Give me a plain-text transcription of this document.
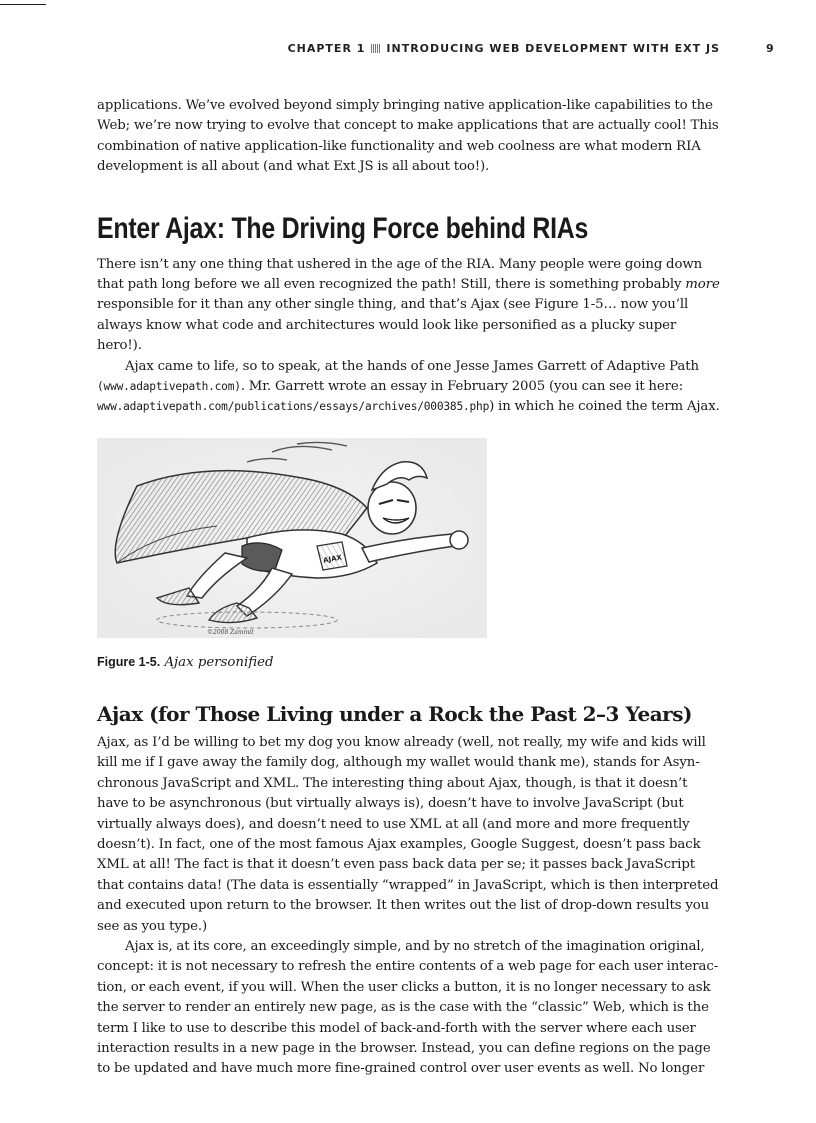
CHAPTER 1 INTRODUCING WEB DEVELOPMENT WITH EXT JS	9

applications. We’ve evolved beyond simply bringing native application-like capabilities to the Web; we’re now trying to evolve that concept to make applications that are actually cool! This combination of native application-like functionality and web coolness are what modern RIA development is all about (and what Ext JS is all about too!).

Enter Ajax: The Driving Force behind RIAs

There isn’t any one thing that ushered in the age of the RIA. Many people were going down that path long before we all even recognized the path! Still, there is something probably more responsible for it than any other single thing, and that’s Ajax (see Figure 1-5… now you’ll always know what code and architectures would look like personified as a plucky super hero!).

Ajax came to life, so to speak, at the hands of one Jesse James Garrett of Adaptive Path (www.adaptivepath.com). Mr. Garrett wrote an essay in February 2005 (you can see it here: www.adaptivepath.com/publications/essays/archives/000385.php) in which he coined the term Ajax.

AJAX
©2008 Zammit
Figure 1-5. Ajax personified
Ajax (for Those Living under a Rock the Past 2–3 Years)

Ajax, as I’d be willing to bet my dog you know already (well, not really, my wife and kids will kill me if I gave away the family dog, although my wallet would thank me), stands for Asyn-chronous JavaScript and XML. The interesting thing about Ajax, though, is that it doesn’t have to be asynchronous (but virtually always is), doesn’t have to involve JavaScript (but virtually always does), and doesn’t need to use XML at all (and more and more frequently doesn’t). In fact, one of the most famous Ajax examples, Google Suggest, doesn’t pass back XML at all! The fact is that it doesn’t even pass back data per se; it passes back JavaScript that contains data! (The data is essentially “wrapped” in JavaScript, which is then interpreted and executed upon return to the browser. It then writes out the list of drop-down results you see as you type.)

Ajax is, at its core, an exceedingly simple, and by no stretch of the imagination original, concept: it is not necessary to refresh the entire contents of a web page for each user interac-tion, or each event, if you will. When the user clicks a button, it is no longer necessary to ask the server to render an entirely new page, as is the case with the “classic” Web, which is the term I like to use to describe this model of back-and-forth with the server where each user interaction results in a new page in the browser. Instead, you can define regions on the page to be updated and have much more fine-grained control over user events as well. No longer
